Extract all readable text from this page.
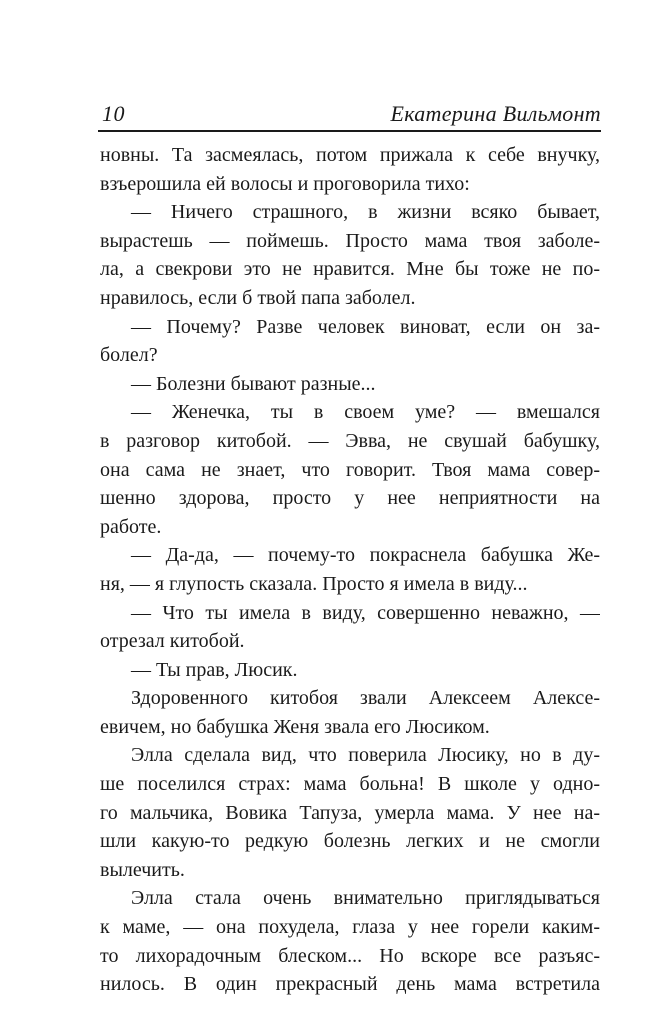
10	Екатерина Вильмонт
новны. Та засмеялась, потом прижала к себе внучку,
взъерошила ей волосы и проговорила тихо:
— Ничего страшного, в жизни всяко бывает,
вырастешь — поймешь. Просто мама твоя заболе-
ла, а свекрови это не нравится. Мне бы тоже не по-
нравилось, если б твой папа заболел.
— Почему? Разве человек виноват, если он за-
болел?
— Болезни бывают разные...
— Женечка, ты в своем уме? — вмешался
в разговор китобой. — Эвва, не свушай бабушку,
она сама не знает, что говорит. Твоя мама совер-
шенно здорова, просто у нее неприятности на
работе.
— Да-да, — почему-то покраснела бабушка Же-
ня, — я глупость сказала. Просто я имела в виду...
— Что ты имела в виду, совершенно неважно, —
отрезал китобой.
— Ты прав, Люсик.
Здоровенного китобоя звали Алексеем Алексе-
евичем, но бабушка Женя звала его Люсиком.
Элла сделала вид, что поверила Люсику, но в ду-
ше поселился страх: мама больна! В школе у одно-
го мальчика, Вовика Тапуза, умерла мама. У нее на-
шли какую-то редкую болезнь легких и не смогли
вылечить.
Элла стала очень внимательно приглядываться
к маме, — она похудела, глаза у нее горели каким-
то лихорадочным блеском... Но вскоре все разъяс-
нилось. В один прекрасный день мама встретила
